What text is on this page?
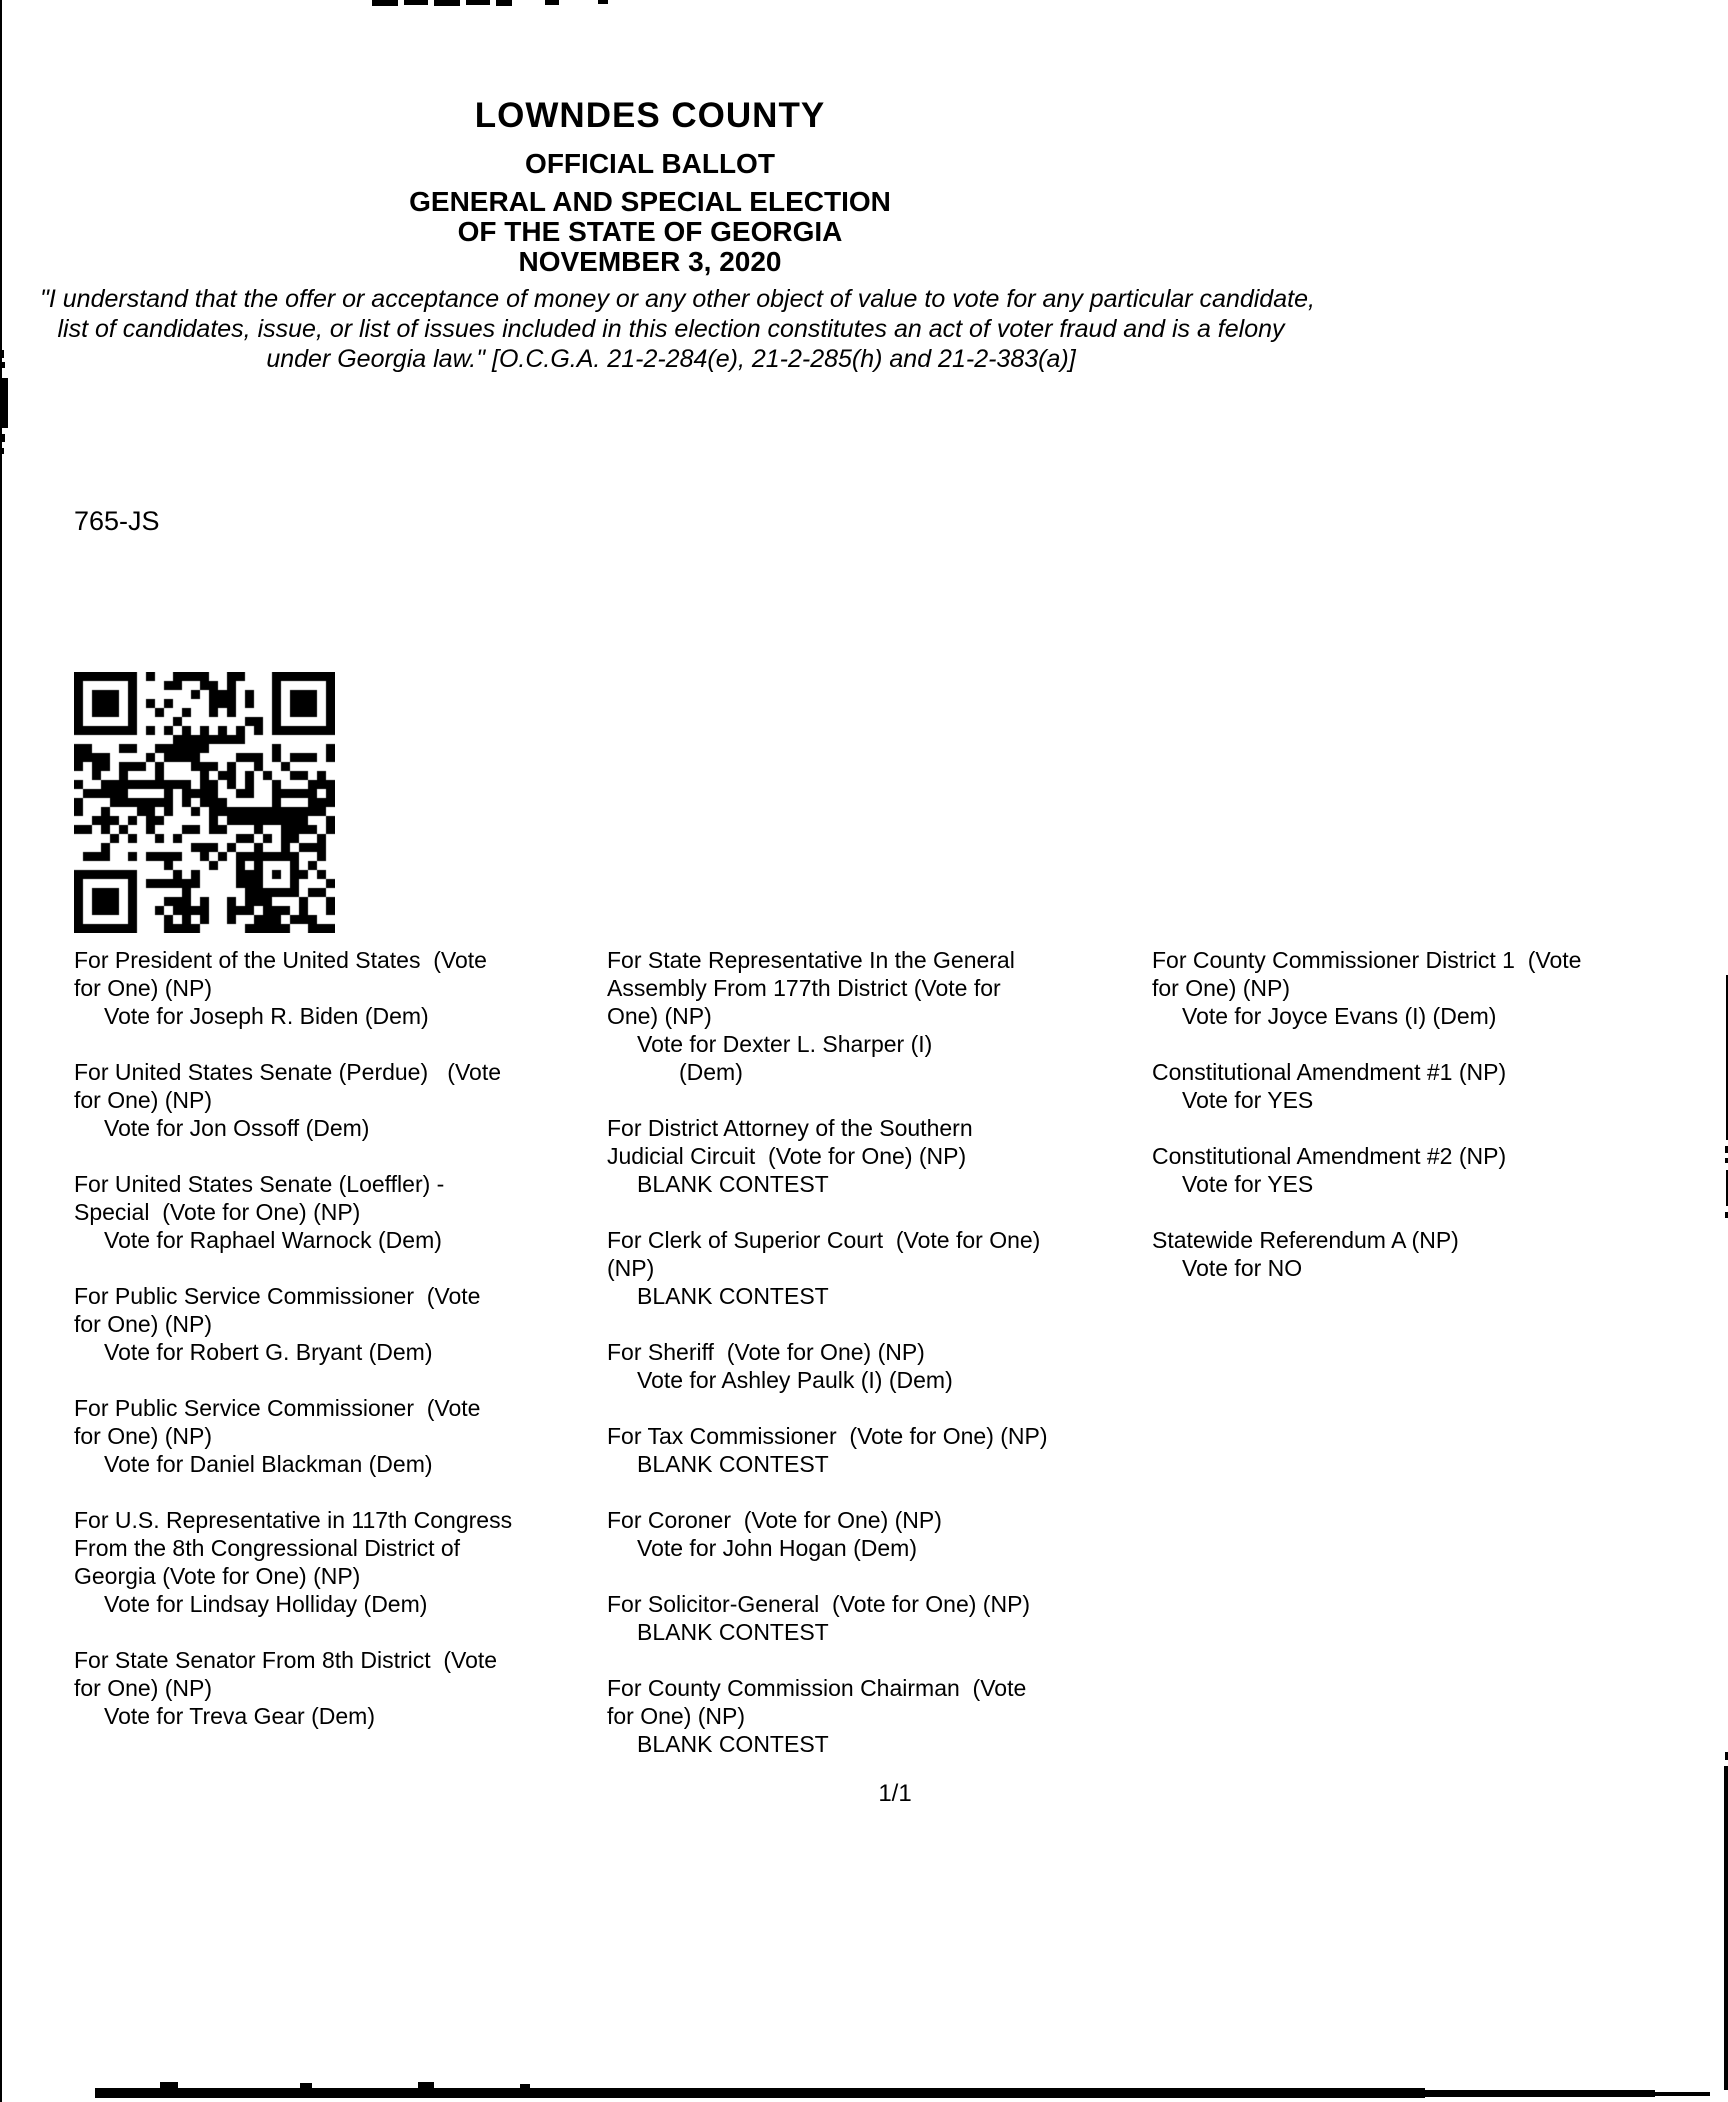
LOWNDES COUNTY
OFFICIAL BALLOT
GENERAL AND SPECIAL ELECTION
OF THE STATE OF GEORGIA
NOVEMBER 3, 2020
"I understand that the offer or acceptance of money or any other object of value to vote for any particular candidate,
list of candidates, issue, or list of issues included in this election constitutes an act of voter fraud and is a felony
under Georgia law." [O.C.G.A. 21-2-284(e), 21-2-285(h) and 21-2-383(a)]
765-JS
For President of the United States  (Vote
for One) (NP)
Vote for Joseph R. Biden (Dem)
For United States Senate (Perdue)   (Vote
for One) (NP)
Vote for Jon Ossoff (Dem)
For United States Senate (Loeffler) -
Special  (Vote for One) (NP)
Vote for Raphael Warnock (Dem)
For Public Service Commissioner  (Vote
for One) (NP)
Vote for Robert G. Bryant (Dem)
For Public Service Commissioner  (Vote
for One) (NP)
Vote for Daniel Blackman (Dem)
For U.S. Representative in 117th Congress
From the 8th Congressional District of
Georgia (Vote for One) (NP)
Vote for Lindsay Holliday (Dem)
For State Senator From 8th District  (Vote
for One) (NP)
Vote for Treva Gear (Dem)
For State Representative In the General
Assembly From 177th District (Vote for
One) (NP)
Vote for Dexter L. Sharper (I)
(Dem)
For District Attorney of the Southern
Judicial Circuit  (Vote for One) (NP)
BLANK CONTEST
For Clerk of Superior Court  (Vote for One)
(NP)
BLANK CONTEST
For Sheriff  (Vote for One) (NP)
Vote for Ashley Paulk (I) (Dem)
For Tax Commissioner  (Vote for One) (NP)
BLANK CONTEST
For Coroner  (Vote for One) (NP)
Vote for John Hogan (Dem)
For Solicitor-General  (Vote for One) (NP)
BLANK CONTEST
For County Commission Chairman  (Vote
for One) (NP)
BLANK CONTEST
For County Commissioner District 1  (Vote
for One) (NP)
Vote for Joyce Evans (I) (Dem)
Constitutional Amendment #1 (NP)
Vote for YES
Constitutional Amendment #2 (NP)
Vote for YES
Statewide Referendum A (NP)
Vote for NO
1/1
